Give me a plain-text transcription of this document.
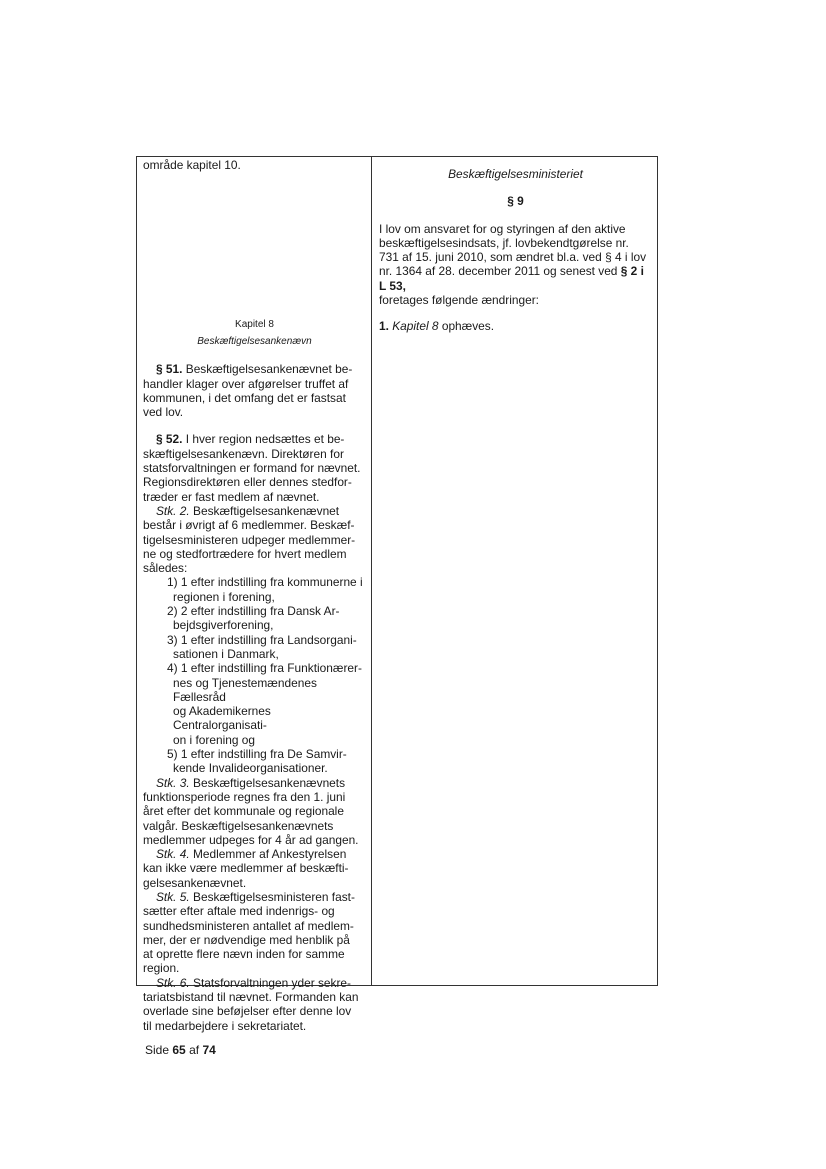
område kapitel 10.

Kapitel 8

Beskæftigelsesankenævn

§ 51. Beskæftigelsesankenævnet be-

handler klager over afgørelser truffet af

kommunen, i det omfang det er fastsat

ved lov.

§ 52. I hver region nedsættes et be-

skæftigelsesankenævn. Direktøren for

statsforvaltningen er formand for nævnet.

Regionsdirektøren eller dennes stedfor-

træder er fast medlem af nævnet.

Stk. 2. Beskæftigelsesankenævnet

består i øvrigt af 6 medlemmer. Beskæf-

tigelsesministeren udpeger medlemmer-

ne og stedfortrædere for hvert medlem

således:

1) 1 efter indstilling fra kommunerne i

regionen i forening,

2) 2 efter indstilling fra Dansk Ar-

bejdsgiverforening,

3) 1 efter indstilling fra Landsorgani-

sationen i Danmark,

4) 1 efter indstilling fra Funktionærer-

nes og Tjenestemændenes Fællesråd

og Akademikernes Centralorganisati-

on i forening og

5) 1 efter indstilling fra De Samvir-

kende Invalideorganisationer.

Stk. 3. Beskæftigelsesankenævnets

funktionsperiode regnes fra den 1. juni

året efter det kommunale og regionale

valgår. Beskæftigelsesankenævnets

medlemmer udpeges for 4 år ad gangen.

Stk. 4. Medlemmer af Ankestyrelsen

kan ikke være medlemmer af beskæfti-

gelsesankenævnet.

Stk. 5. Beskæftigelsesministeren fast-

sætter efter aftale med indenrigs- og

sundhedsministeren antallet af medlem-

mer, der er nødvendige med henblik på

at oprette flere nævn inden for samme

region.

Stk. 6. Statsforvaltningen yder sekre-

tariatsbistand til nævnet. Formanden kan

overlade sine beføjelser efter denne lov

til medarbejdere i sekretariatet.

Beskæftigelsesministeriet

§ 9

I lov om ansvaret for og styringen af den aktive

beskæftigelsesindsats, jf. lovbekendtgørelse nr.

731 af 15. juni 2010, som ændret bl.a. ved § 4 i lov

nr. 1364 af 28. december 2011 og senest ved § 2 i L 53,

foretages følgende ændringer:

1. Kapitel 8 ophæves.

Side 65 af 74
